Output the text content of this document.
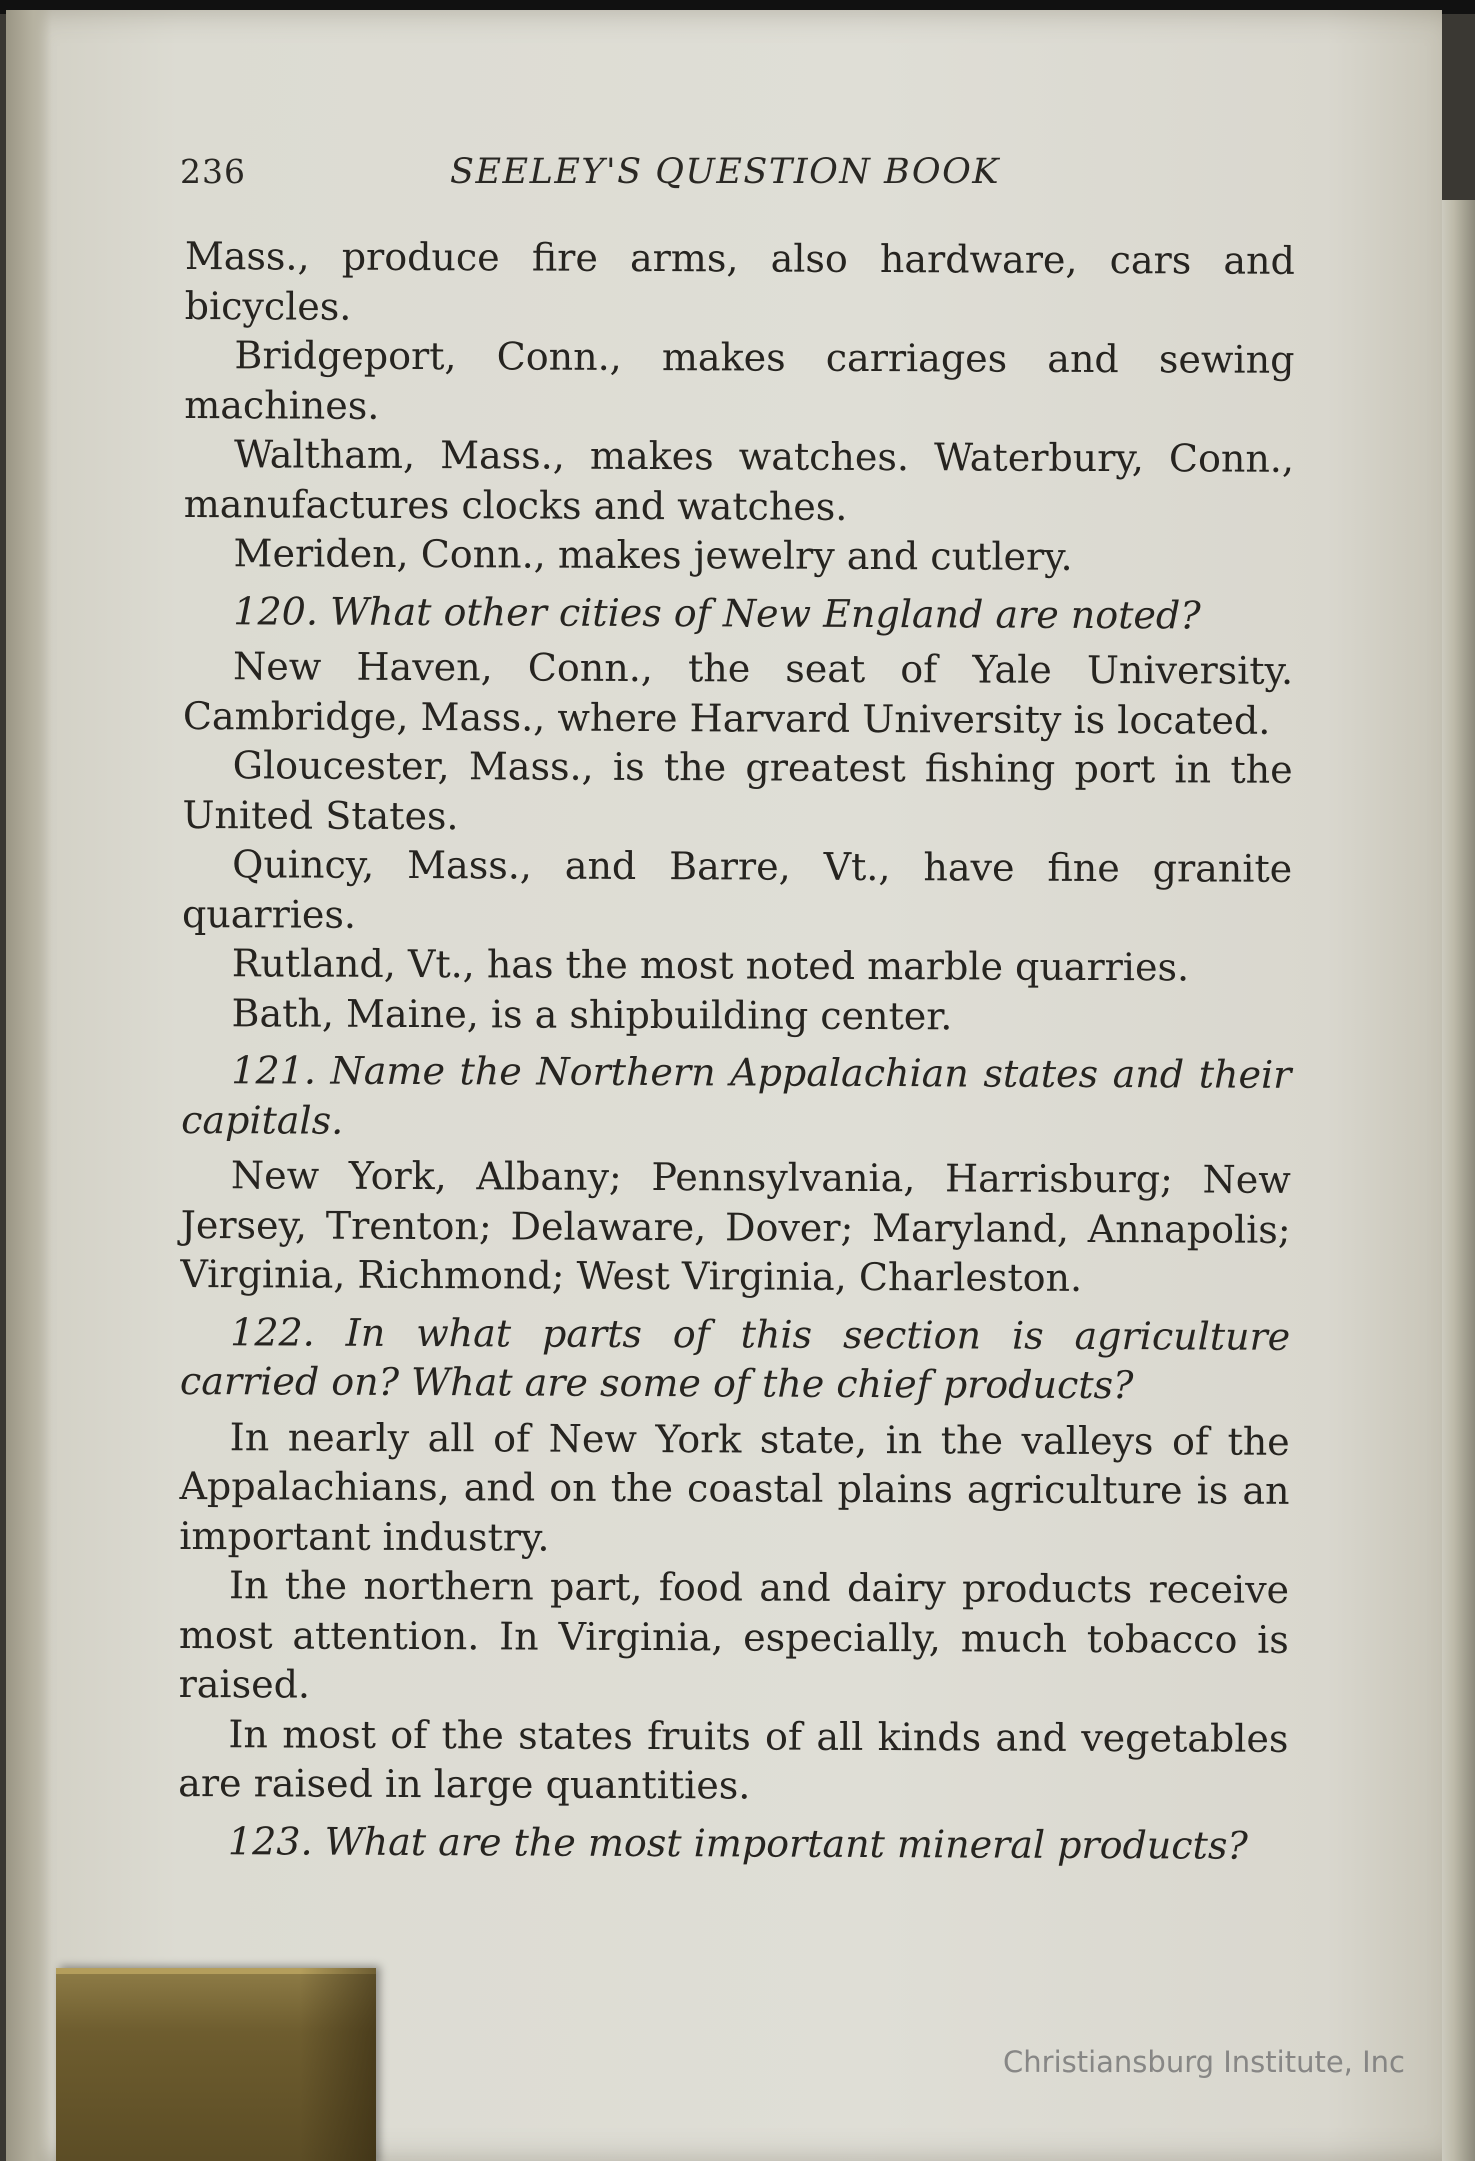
236	SEELEY'S QUESTION BOOK

Mass., produce fire arms, also hardware, cars and bicycles.

Bridgeport, Conn., makes carriages and sewing machines.

Waltham, Mass., makes watches. Waterbury, Conn., manufactures clocks and watches.

Meriden, Conn., makes jewelry and cutlery.

120. What other cities of New England are noted?

New Haven, Conn., the seat of Yale University. Cambridge, Mass., where Harvard University is located.

Gloucester, Mass., is the greatest fishing port in the United States.

Quincy, Mass., and Barre, Vt., have fine granite quarries.

Rutland, Vt., has the most noted marble quarries.

Bath, Maine, is a shipbuilding center.

121. Name the Northern Appalachian states and their capitals.

New York, Albany; Pennsylvania, Harrisburg; New Jersey, Trenton; Delaware, Dover; Maryland, Annapolis; Virginia, Richmond; West Virginia, Charleston.

122. In what parts of this section is agriculture carried on? What are some of the chief products?

In nearly all of New York state, in the valleys of the Appalachians, and on the coastal plains agriculture is an important industry.

In the northern part, food and dairy products receive most attention. In Virginia, especially, much tobacco is raised.

In most of the states fruits of all kinds and vegetables are raised in large quantities.

123. What are the most important mineral products?

Christiansburg Institute, Inc
